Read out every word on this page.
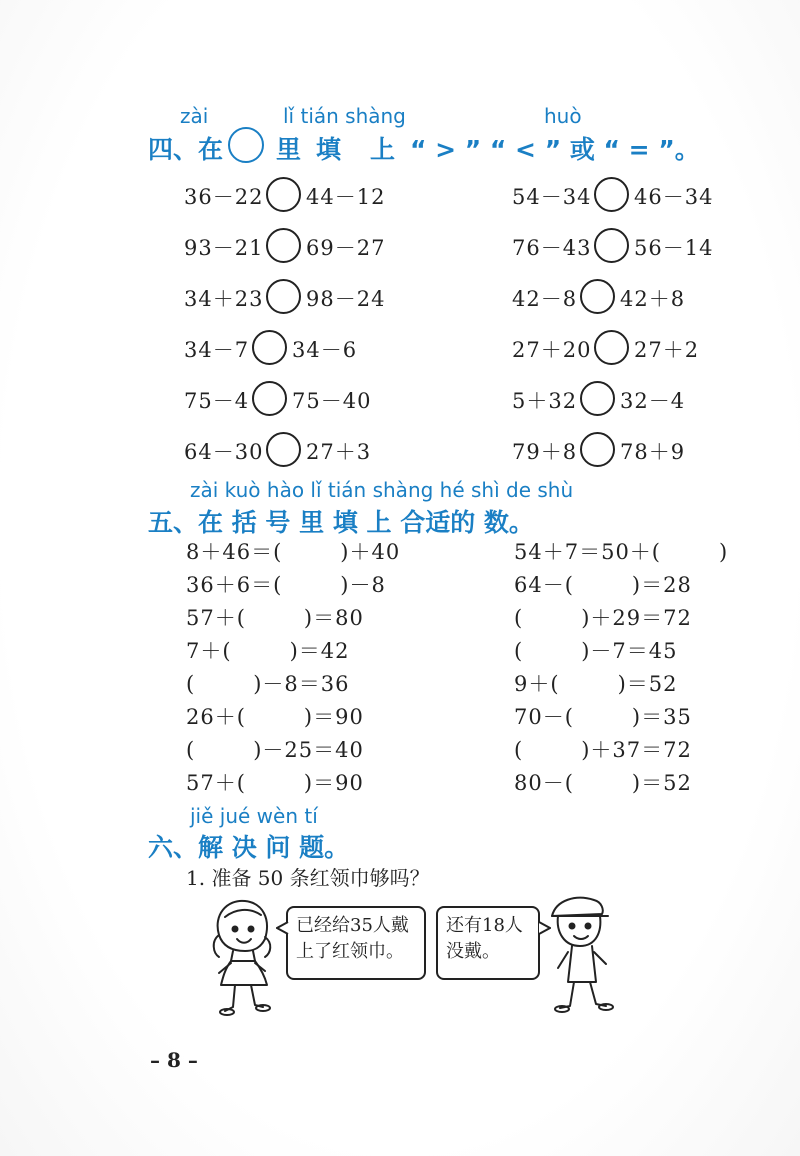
zài	lǐ tián shàng	huò
四、在 里 填 上 “ > ” “ < ” 或 “ = ”。
36－22 44－12
93－21 69－27
34＋23 98－24
34－7 34－6
75－4 75－40
64－30 27＋3
54－34 46－34
76－43 56－14
42－8 42＋8
27＋20 27＋2
5＋32 32－4
79＋8 78＋9
zài kuò hào lǐ tián shàng hé shì de shù
五、在 括 号 里 填 上 合适的 数。
8＋46＝(	)＋40
36＋6＝(	)－8
57＋(	)＝80
7＋(	)＝42
(	)－8＝36
26＋(	)＝90
(	)－25＝40
57＋(	)＝90
54＋7＝50＋(	)
64－(	)＝28
(	)＋29＝72
(	)－7＝45
9＋(	)＝52
70－(	)＝35
(	)＋37＝72
80－(	)＝52
jiě jué wèn tí
六、解 决 问 题。
1. 准备 50 条红领巾够吗？
已经给35人戴
上了红领巾。
还有18人
没戴。
– 8 –
